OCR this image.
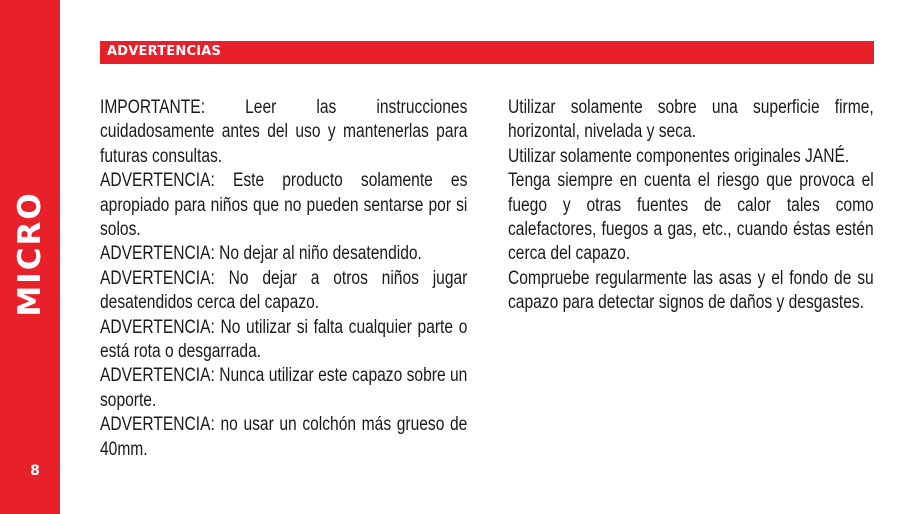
MICRO
8
ADVERTENCIAS

IMPORTANTE: Leer las instrucciones cuidadosamente antes del uso y mantenerlas para futuras consultas.

ADVERTENCIA: Este producto solamente es apropiado para niños que no pueden sentarse por si solos.

ADVERTENCIA: No dejar al niño desatendido.

ADVERTENCIA: No dejar a otros niños jugar desatendidos cerca del capazo.

ADVERTENCIA: No utilizar si falta cualquier parte o está rota o desgarrada.

ADVERTENCIA: Nunca utilizar este capazo sobre un soporte.

ADVERTENCIA: no usar un colchón más grueso de 40mm.

Utilizar solamente sobre una superficie firme, horizontal, nivelada y seca.

Utilizar solamente componentes originales JANÉ.

Tenga siempre en cuenta el riesgo que provoca el fuego y otras fuentes de calor tales como calefactores, fuegos a gas, etc., cuando éstas estén cerca del capazo.

Compruebe regularmente las asas y el fondo de su capazo para detectar signos de daños y desgastes.
